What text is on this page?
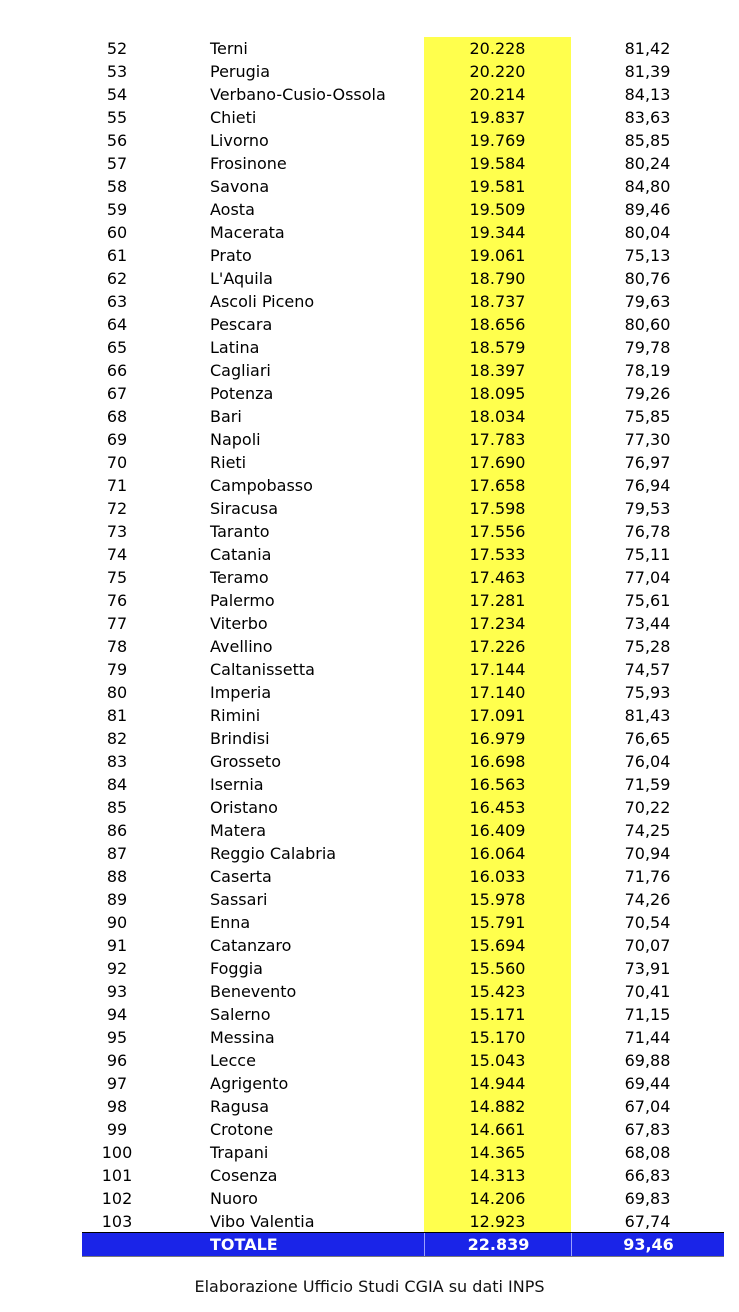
52	Terni	20.228	81,42
53	Perugia	20.220	81,39
54	Verbano-Cusio-Ossola	20.214	84,13
55	Chieti	19.837	83,63
56	Livorno	19.769	85,85
57	Frosinone	19.584	80,24
58	Savona	19.581	84,80
59	Aosta	19.509	89,46
60	Macerata	19.344	80,04
61	Prato	19.061	75,13
62	L'Aquila	18.790	80,76
63	Ascoli Piceno	18.737	79,63
64	Pescara	18.656	80,60
65	Latina	18.579	79,78
66	Cagliari	18.397	78,19
67	Potenza	18.095	79,26
68	Bari	18.034	75,85
69	Napoli	17.783	77,30
70	Rieti	17.690	76,97
71	Campobasso	17.658	76,94
72	Siracusa	17.598	79,53
73	Taranto	17.556	76,78
74	Catania	17.533	75,11
75	Teramo	17.463	77,04
76	Palermo	17.281	75,61
77	Viterbo	17.234	73,44
78	Avellino	17.226	75,28
79	Caltanissetta	17.144	74,57
80	Imperia	17.140	75,93
81	Rimini	17.091	81,43
82	Brindisi	16.979	76,65
83	Grosseto	16.698	76,04
84	Isernia	16.563	71,59
85	Oristano	16.453	70,22
86	Matera	16.409	74,25
87	Reggio Calabria	16.064	70,94
88	Caserta	16.033	71,76
89	Sassari	15.978	74,26
90	Enna	15.791	70,54
91	Catanzaro	15.694	70,07
92	Foggia	15.560	73,91
93	Benevento	15.423	70,41
94	Salerno	15.171	71,15
95	Messina	15.170	71,44
96	Lecce	15.043	69,88
97	Agrigento	14.944	69,44
98	Ragusa	14.882	67,04
99	Crotone	14.661	67,83
100	Trapani	14.365	68,08
101	Cosenza	14.313	66,83
102	Nuoro	14.206	69,83
103	Vibo Valentia	12.923	67,74
TOTALE	22.839	93,46
Elaborazione Ufficio Studi CGIA su dati INPS
